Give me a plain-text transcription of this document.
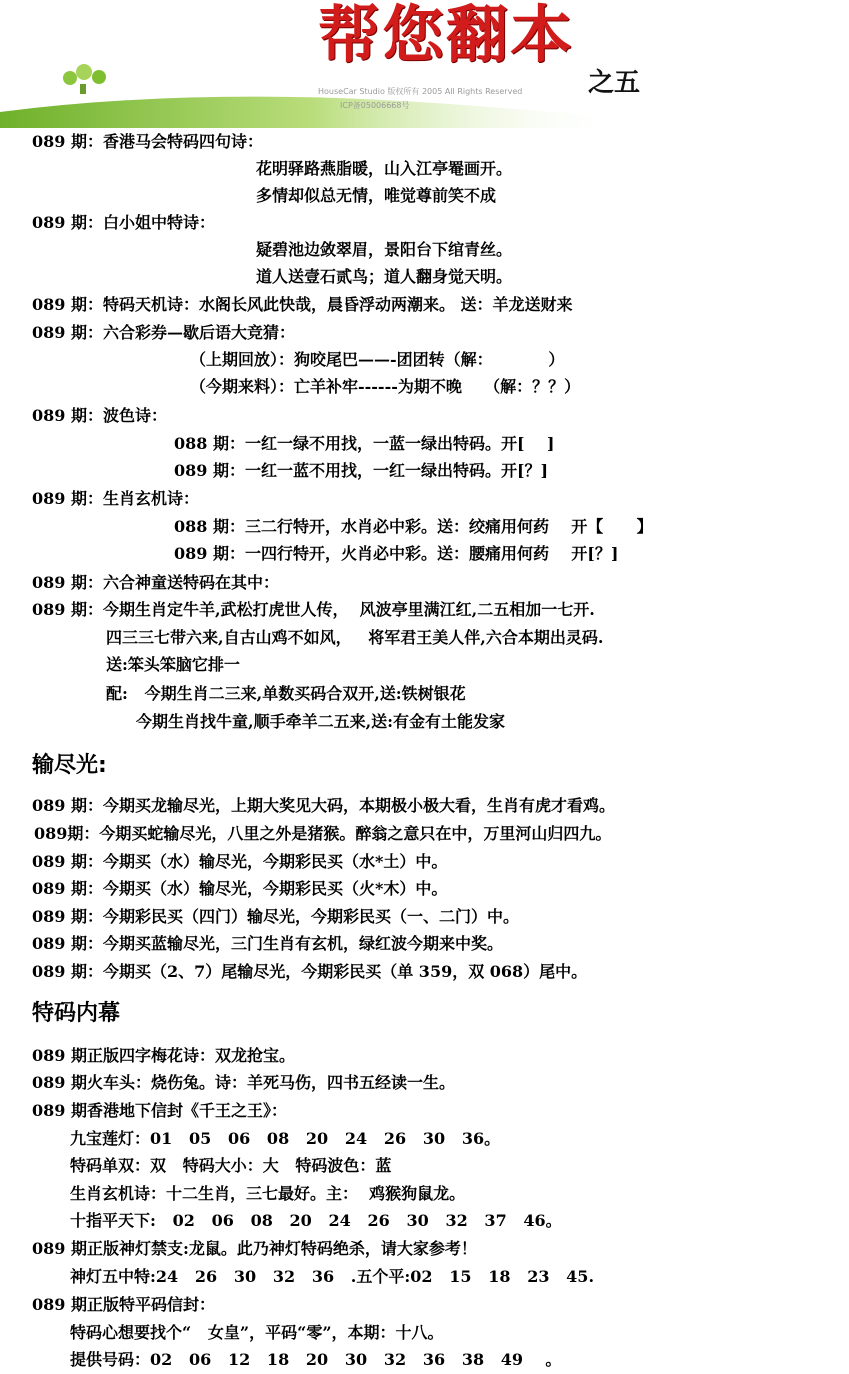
帮您翻本
之五
HouseCar Studio 版权所有 2005 All Rights Reserved
ICP备05006668号
089 期：香港马会特码四句诗：
花明驿路燕脂暖，山入江亭罨画开。
多情却似总无情，唯觉尊前笑不成
089 期：白小姐中特诗：
疑碧池边敛翠眉，景阳台下绾青丝。
道人送壹石贰鸟；道人翻身觉天明。
089 期：特码天机诗：水阁长风此快哉，晨昏浮动两潮来。 送：羊龙送财来
089 期：六合彩券—歇后语大竞猜：
（上期回放）：狗咬尾巴——-团团转（解：          ）
（今期来料）：亡羊补牢------为期不晚    （解：？？）
089 期：波色诗：
088 期：一红一绿不用找，一蓝一绿出特码。开[    ]
089 期：一红一蓝不用找，一红一绿出特码。开[？]
089 期：生肖玄机诗：
088 期：三二行特开，水肖必中彩。送：绞痛用何药    开【      】
089 期：一四行特开，火肖必中彩。送：腰痛用何药    开[？]
089 期：六合神童送特码在其中：
089 期：今期生肖定牛羊,武松打虎世人传，  风波亭里满江红,二五相加一七开.
四三三七带六来,自古山鸡不如风，   将军君王美人伴,六合本期出灵码.
送:笨头笨脑它排一
配:   今期生肖二三来,单数买码合双开,送:铁树银花
今期生肖找牛童,顺手牵羊二五来,送:有金有土能发家
输尽光:
089 期：今期买龙输尽光，上期大奖见大码，本期极小极大看，生肖有虎才看鸡。
089期：今期买蛇输尽光，八里之外是猪猴。醉翁之意只在中，万里河山归四九。
089 期：今期买（水）输尽光，今期彩民买（水*土）中。
089 期：今期买（水）输尽光，今期彩民买（火*木）中。
089 期：今期彩民买（四门）输尽光，今期彩民买（一、二门）中。
089 期：今期买蓝输尽光，三门生肖有玄机，绿红波今期来中奖。
089 期：今期买（2、7）尾输尽光，今期彩民买（单 359，双 068）尾中。
特码内幕
089 期正版四字梅花诗：双龙抢宝。
089 期火车头：烧伤兔。诗：羊死马伤，四书五经读一生。
089 期香港地下信封《千王之王》：
九宝莲灯：01   05   06   08   20   24   26   30   36。
特码单双：双   特码大小：大   特码波色：蓝
生肖玄机诗：十二生肖，三七最好。主：  鸡猴狗鼠龙。
十指平天下:   02   06   08   20   24   26   30   32   37   46。
089 期正版神灯禁支:龙鼠。此乃神灯特码绝杀，请大家参考！
神灯五中特:24   26   30   32   36   .五个平:02   15   18   23   45.
089 期正版特平码信封：
特码心想要找个“   女皇”，平码“零”，本期：十八。
提供号码：02   06   12   18   20   30   32   36   38   49    。
